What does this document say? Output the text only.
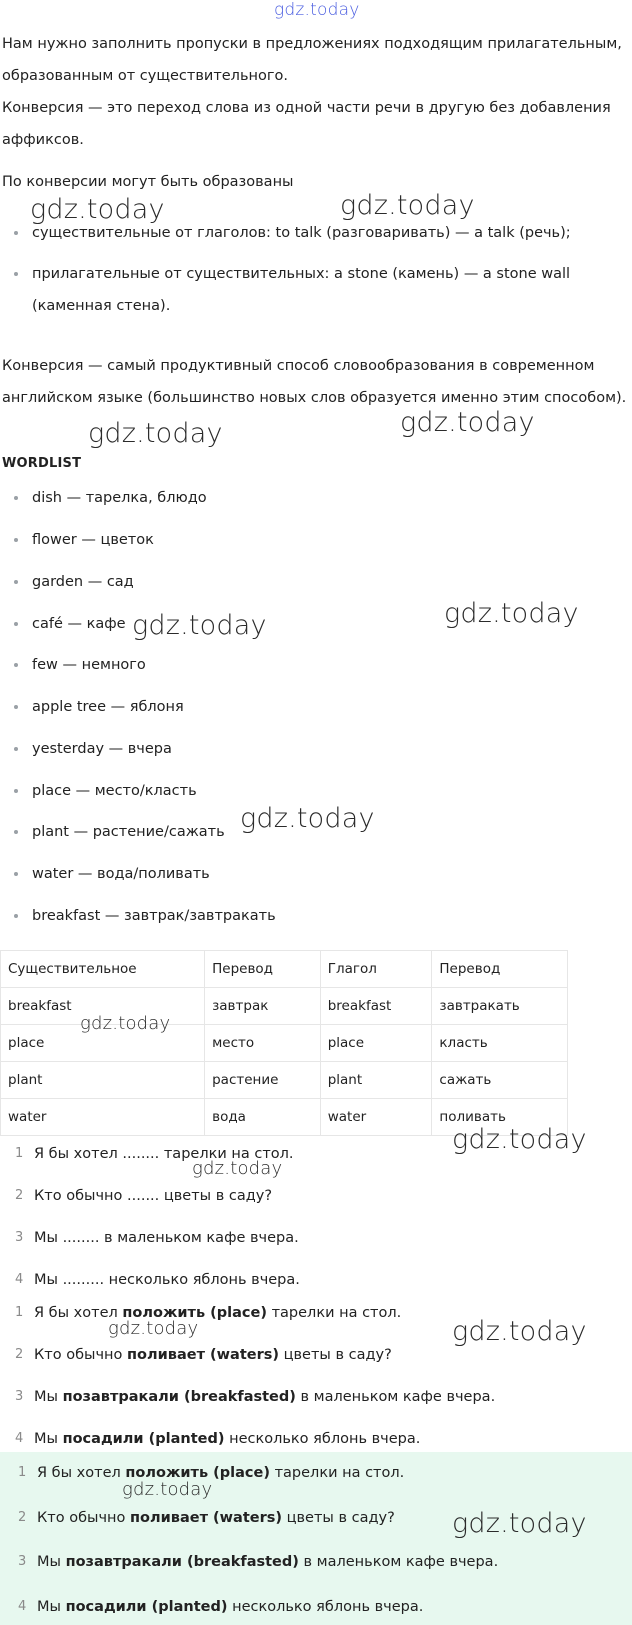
gdz.today

Нам нужно заполнить пропуски в предложениях подходящим прилагательным, образованным от существительного.

Конверсия — это переход слова из одной части речи в другую без добавления аффиксов.

По конверсии могут быть образованы

существительные от глаголов: to talk (разговаривать) — a talk (речь);
прилагательные от существительных: a stone (камень) — a stone wall (каменная стена).

Конверсия — самый продуктивный способ словообразования в современном английском языке (большинство новых слов образуется именно этим способом).

WORDLIST
dish — тарелка, блюдо
flower — цветок
garden — сад
café — кафе
few — немного
apple tree — яблоня
yesterday — вчера
place — место/класть
plant — растение/сажать
water — вода/поливать
breakfast — завтрак/завтракать
Существительное	Перевод	Глагол	Перевод
breakfast	завтрак	breakfast	завтракать
place	место	place	класть
plant	растение	plant	сажать
water	вода	water	поливать
1 Я бы хотел ........ тарелки на стол.
2 Кто обычно ....... цветы в саду?
3 Мы ........ в маленьком кафе вчера.
4 Мы ......... несколько яблонь вчера.
1 Я бы хотел положить (place) тарелки на стол.
2 Кто обычно поливает (waters) цветы в саду?
3 Мы позавтракали (breakfasted) в маленьком кафе вчера.
4 Мы посадили (planted) несколько яблонь вчера.
1 Я бы хотел положить (place) тарелки на стол.
2 Кто обычно поливает (waters) цветы в саду?
3 Мы позавтракали (breakfasted) в маленьком кафе вчера.
4 Мы посадили (planted) несколько яблонь вчера.
gdz.today	gdz.today
gdz.today	gdz.today
gdz.today	gdz.today
gdz.today
gdz.today
gdz.today
gdz.today
gdz.today
gdz.today
gdz.today
gdz.today
